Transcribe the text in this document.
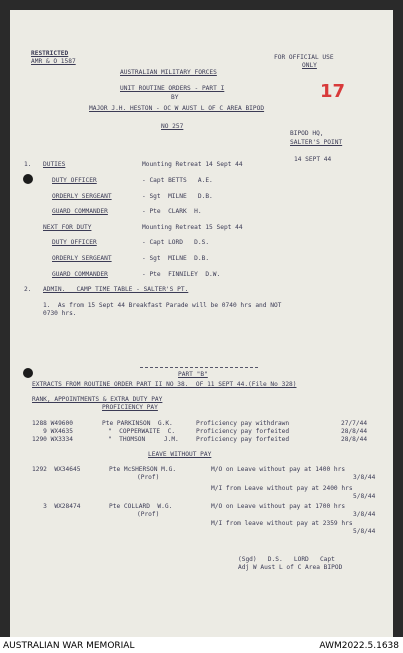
RESTRICTED
AMR & O 1587
FOR OFFICIAL USE
ONLY
17
AUSTRALIAN MILITARY FORCES
UNIT ROUTINE ORDERS - PART I
BY
MAJOR J.H. HESTON - OC W AUST L OF C AREA BIPOD
NO 257
BIPOD HQ,
SALTER'S POINT
14 SEPT 44
1. DUTIES	Mounting Retreat 14 Sept 44
DUTY OFFICER	- Capt BETTS   A.E.
ORDERLY SERGEANT	- Sgt  MILNE   D.B.
GUARD COMMANDER	- Pte  CLARK  H.
NEXT FOR DUTY	Mounting Retreat 15 Sept 44
DUTY OFFICER	- Capt LORD   D.S.
ORDERLY SERGEANT	- Sgt  MILNE  D.B.
GUARD COMMANDER	- Pte  FINNILEY  D.W.
2. ADMIN.   CAMP TIME TABLE - SALTER'S PT.
1.  As from 15 Sept 44 Breakfast Parade will be 0740 hrs and NOT
0730 hrs.
PART "B"
EXTRACTS FROM ROUTINE ORDER PART II NO 38.  OF 11 SEPT 44.(File No 328)
RANK, APPOINTMENTS & EXTRA DUTY PAY
PROFICIENCY PAY
1288 W49600	Pte PARKINSON  G.K.	Proficiency pay withdrawn	27/7/44
9 WX4635	"  COPPERWAITE  C.	Proficiency pay forfeited	28/8/44
1290 WX3334	"  THOMSON     J.M.	Proficiency pay forfeited	28/8/44
LEAVE WITHOUT PAY
1292  WX34645	Pte McSHERSON M.G.
(Prof)
M/O on Leave without pay at 1400 hrs
3/8/44
M/I from Leave without pay at 2400 hrs
5/8/44
3  WX28474	Pte COLLARD  W.G.
(Prof)
M/O on Leave without pay at 1700 hrs
3/8/44
M/I from leave without pay at 2359 hrs
5/8/44
(Sgd)   D.S.   LORD   Capt
Adj W Aust L of C Area BIPOD
AUSTRALIAN WAR MEMORIAL	AWM2022.5.1638
